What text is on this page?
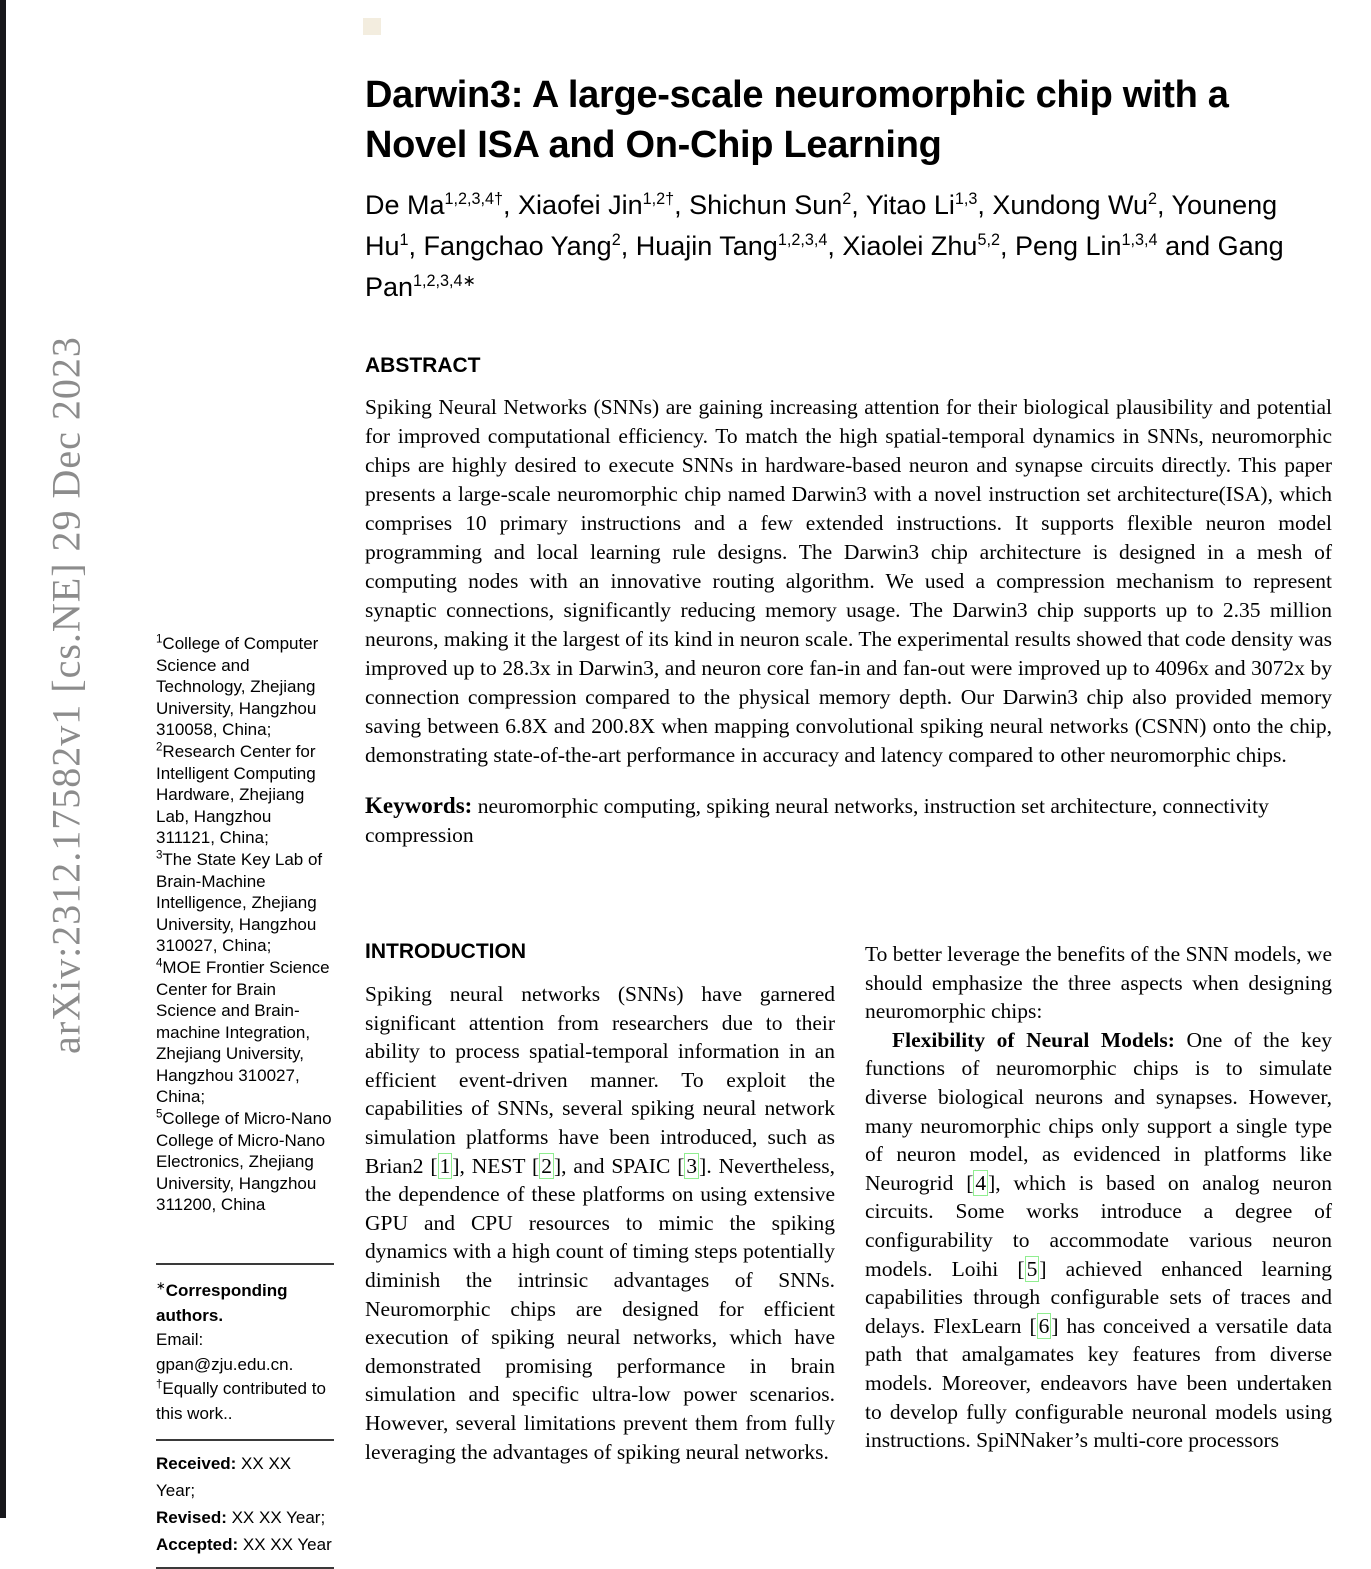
arXiv:2312.17582v1 [cs.NE] 29 Dec 2023
Darwin3: A large-scale neuromorphic chip with a Novel ISA and On-Chip Learning
De $Ma^{1,2,3,4\dagger}$, Xiaofei Jin$^{1,2\dagger}$, Shichun Sun$^2$, Yitao Li$^{1,3}$, Xundong Wu$^2$, Youneng Hu$^1$, Fangchao Yang$^2$, Huajin Tang$^{1,2,3,4}$, Xiaolei Zhu$^{5,2}$, Peng Lin$^{1,3,4}$ and Gang Pan$^{1,2,3,4∗}$
ABSTRACT
Spiking Neural Networks (SNNs) are gaining increasing attention for their biological plausibility and potential for improved computational efficiency. To match the high spatial-temporal dynamics in SNNs, neuromorphic chips are highly desired to execute SNNs in hardware-based neuron and synapse circuits directly. This paper presents a large-scale neuromorphic chip named Darwin3 with a novel instruction set architecture(ISA), which comprises 10 primary instructions and a few extended instructions. It supports flexible neuron model programming and local learning rule designs. The Darwin3 chip architecture is designed in a mesh of computing nodes with an innovative routing algorithm. We used a compression mechanism to represent synaptic connections, significantly reducing memory usage. The Darwin3 chip supports up to 2.35 million neurons, making it the largest of its kind in neuron scale. The experimental results showed that code density was improved up to 28.3x in Darwin3, and neuron core fan-in and fan-out were improved up to 4096x and 3072x by connection compression compared to the physical memory depth. Our Darwin3 chip also provided memory saving between 6.8X and 200.8X when mapping convolutional spiking neural networks (CSNN) onto the chip, demonstrating state-of-the-art performance in accuracy and latency compared to other neuromorphic chips.
Keywords: neuromorphic computing, spiking neural networks, instruction set architecture, connectivity compression
INTRODUCTION

Spiking neural networks (SNNs) have garnered significant attention from researchers due to their ability to process spatial-temporal information in an efficient event-driven manner. To exploit the capabilities of SNNs, several spiking neural network simulation platforms have been introduced, such as Brian2 [1], NEST [2], and SPAIC [3]. Nevertheless, the dependence of these platforms on using extensive GPU and CPU resources to mimic the spiking dynamics with a high count of timing steps potentially diminish the intrinsic advantages of SNNs. Neuromorphic chips are designed for efficient execution of spiking neural networks, which have demonstrated promising performance in brain simulation and specific ultra-low power scenarios. However, several limitations prevent them from fully leveraging the advantages of spiking neural networks.

To better leverage the benefits of the SNN models, we should emphasize the three aspects when designing neuromorphic chips:

Flexibility of Neural Models: One of the key functions of neuromorphic chips is to simulate diverse biological neurons and synapses. However, many neuromorphic chips only support a single type of neuron model, as evidenced in platforms like Neurogrid [4], which is based on analog neuron circuits. Some works introduce a degree of configurability to accommodate various neuron models. Loihi [5] achieved enhanced learning capabilities through configurable sets of traces and delays. FlexLearn [6] has conceived a versatile data path that amalgamates key features from diverse models. Moreover, endeavors have been undertaken to develop fully configurable neuronal models using instructions. SpiNNaker’s multi-core processors

$^1$College of Computer Science and Technology, Zhejiang University, Hangzhou 310058, China;

$^2$Research Center for Intelligent Computing Hardware, Zhejiang Lab, Hangzhou 311121, China;

$^3$The State Key Lab of Brain-Machine Intelligence, Zhejiang University, Hangzhou 310027, China;

$^4$MOE Frontier Science Center for Brain Science and Brain-machine Integration, Zhejiang University, Hangzhou 310027, China;

$^5$College of Micro-Nano College of Micro-Nano Electronics, Zhejiang University, Hangzhou 311200, China

∗Corresponding authors.

Email: gpan@zju.edu.cn.

†Equally contributed to this work..

Received: XX XX Year;

Revised: XX XX Year;

Accepted: XX XX Year
